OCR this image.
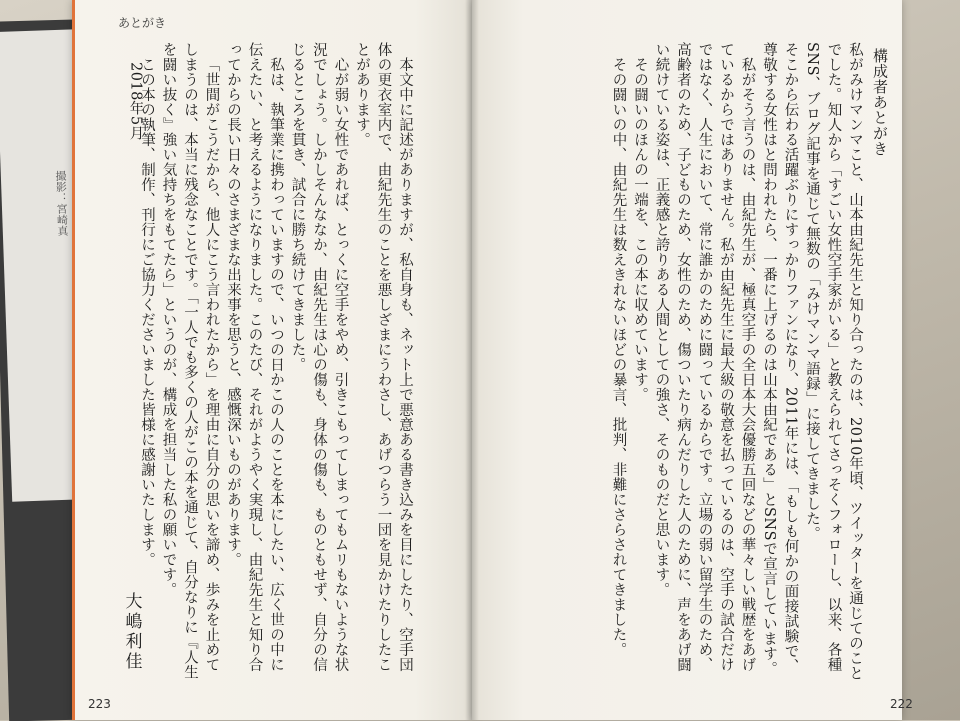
撮影：宮崎真
あとがき
構成者あとがき

私がみけマンマこと、山本由紀先生と知り合ったのは、2010年頃、ツイッターを通じてのことでした。知人から「すごい女性空手家がいる」と教えられてさっそくフォローし、以来、各種SNS、ブログ記事を通じて無数の「みけマンマ語録」に接してきました。

そこから伝わる活躍ぶりにすっかりファンになり、2011年には、「もしも何かの面接試験で、尊敬する女性はと問われたら、一番に上げるのは山本由紀である」とSNSで宣言しています。

私がそう言うのは、由紀先生が、極真空手の全日本大会優勝五回などの華々しい戦歴をあげているからではありません。私が由紀先生に最大級の敬意を払っているのは、空手の試合だけではなく、人生において、常に誰かのために闘っているからです。立場の弱い留学生のため、高齢者のため、子どものため、女性のため、傷ついたり病んだりした人のために、声をあげ闘い続けている姿は、正義感と誇りある人間としての強さ、そのものだと思います。

その闘いのほんの一端を、この本に収めています。

その闘いの中、由紀先生は数えきれないほどの暴言、批判、非難にさらされてきました。

本文中に記述がありますが、私自身も、ネット上で悪意ある書き込みを目にしたり、空手団体の更衣室内で、由紀先生のことを悪しざまにうわさし、あげつらう一団を見かけたりしたことがあります。

心が弱い女性であれば、とっくに空手をやめ、引きこもってしまってもムリもないような状況でしょう。しかしそんななか、由紀先生は心の傷も、身体の傷も、ものともせず、自分の信じるところを貫き、試合に勝ち続けてきました。

私は、執筆業に携わっていますので、いつの日かこの人のことを本にしたい、広く世の中に伝えたい、と考えるようになりました。このたび、それがようやく実現し、由紀先生と知り合ってからの長い日々のさまざまな出来事を思うと、感慨深いものがあります。

「世間がこうだから、他人にこう言われたから」を理由に自分の思いを諦め、歩みを止めてしまうのは、本当に残念なことです。「一人でも多くの人がこの本を通じて、自分なりに『人生を闘い抜く』強い気持ちをもてたら」というのが、構成を担当した私の願いです。

この本の執筆、制作、刊行にご協力くださいました皆様に感謝いたします。

2018年5月
大嶋利佳
223	222
